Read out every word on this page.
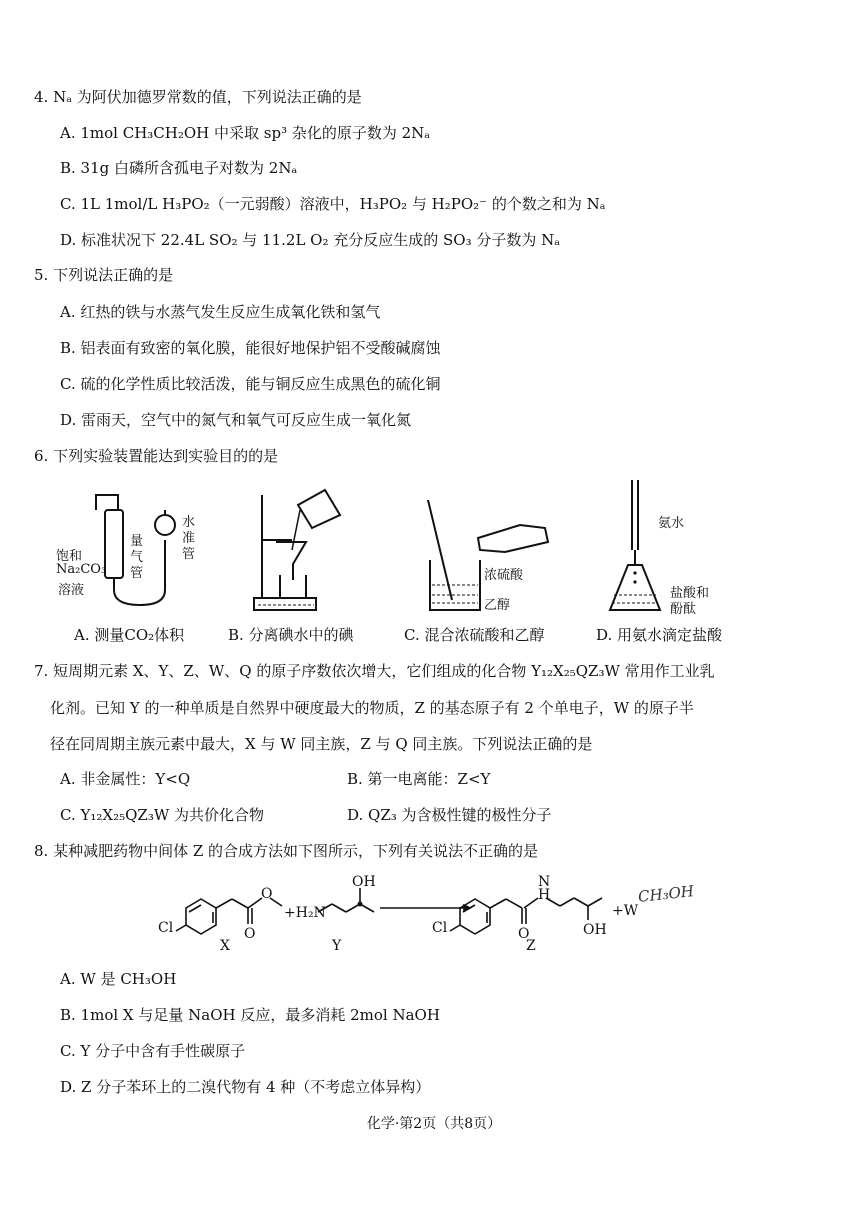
4. Nₐ 为阿伏加德罗常数的值，下列说法正确的是
A. 1mol CH₃CH₂OH 中采取 sp³ 杂化的原子数为 2Nₐ
B. 31g 白磷所含孤电子对数为 2Nₐ
C. 1L 1mol/L H₃PO₂（一元弱酸）溶液中，H₃PO₂ 与 H₂PO₂⁻ 的个数之和为 Nₐ
D. 标准状况下 22.4L SO₂ 与 11.2L O₂ 充分反应生成的 SO₃ 分子数为 Nₐ
5. 下列说法正确的是
A. 红热的铁与水蒸气发生反应生成氧化铁和氢气
B. 铝表面有致密的氧化膜，能很好地保护铝不受酸碱腐蚀
C. 硫的化学性质比较活泼，能与铜反应生成黑色的硫化铜
D. 雷雨天，空气中的氮气和氧气可反应生成一氧化氮
6. 下列实验装置能达到实验目的的是
饱和
Na₂CO₃
溶液
量
气
管
水
准
管
浓硫酸
乙醇
氨水
盐酸和
酚酞
A. 测量CO₂体积	B. 分离碘水中的碘	C. 混合浓硫酸和乙醇	D. 用氨水滴定盐酸
7. 短周期元素 X、Y、Z、W、Q 的原子序数依次增大，它们组成的化合物 Y₁₂X₂₅QZ₃W 常用作工业乳
化剂。已知 Y 的一种单质是自然界中硬度最大的物质，Z 的基态原子有 2 个单电子，W 的原子半
径在同周期主族元素中最大，X 与 W 同主族，Z 与 Q 同主族。下列说法正确的是
A. 非金属性：Y<Q	B. 第一电离能：Z<Y
C. Y₁₂X₂₅QZ₃W 为共价化合物	D. QZ₃ 为含极性键的极性分子
8. 某种减肥药物中间体 Z 的合成方法如下图所示，下列有关说法不正确的是
Cl	O
O
+H₂N
OH
Cl	O
N
H
OH
+W
CH₃OH
X	Y	Z
A. W 是 CH₃OH
B. 1mol X 与足量 NaOH 反应，最多消耗 2mol NaOH
C. Y 分子中含有手性碳原子
D. Z 分子苯环上的二溴代物有 4 种（不考虑立体异构）
化学·第2页（共8页）
